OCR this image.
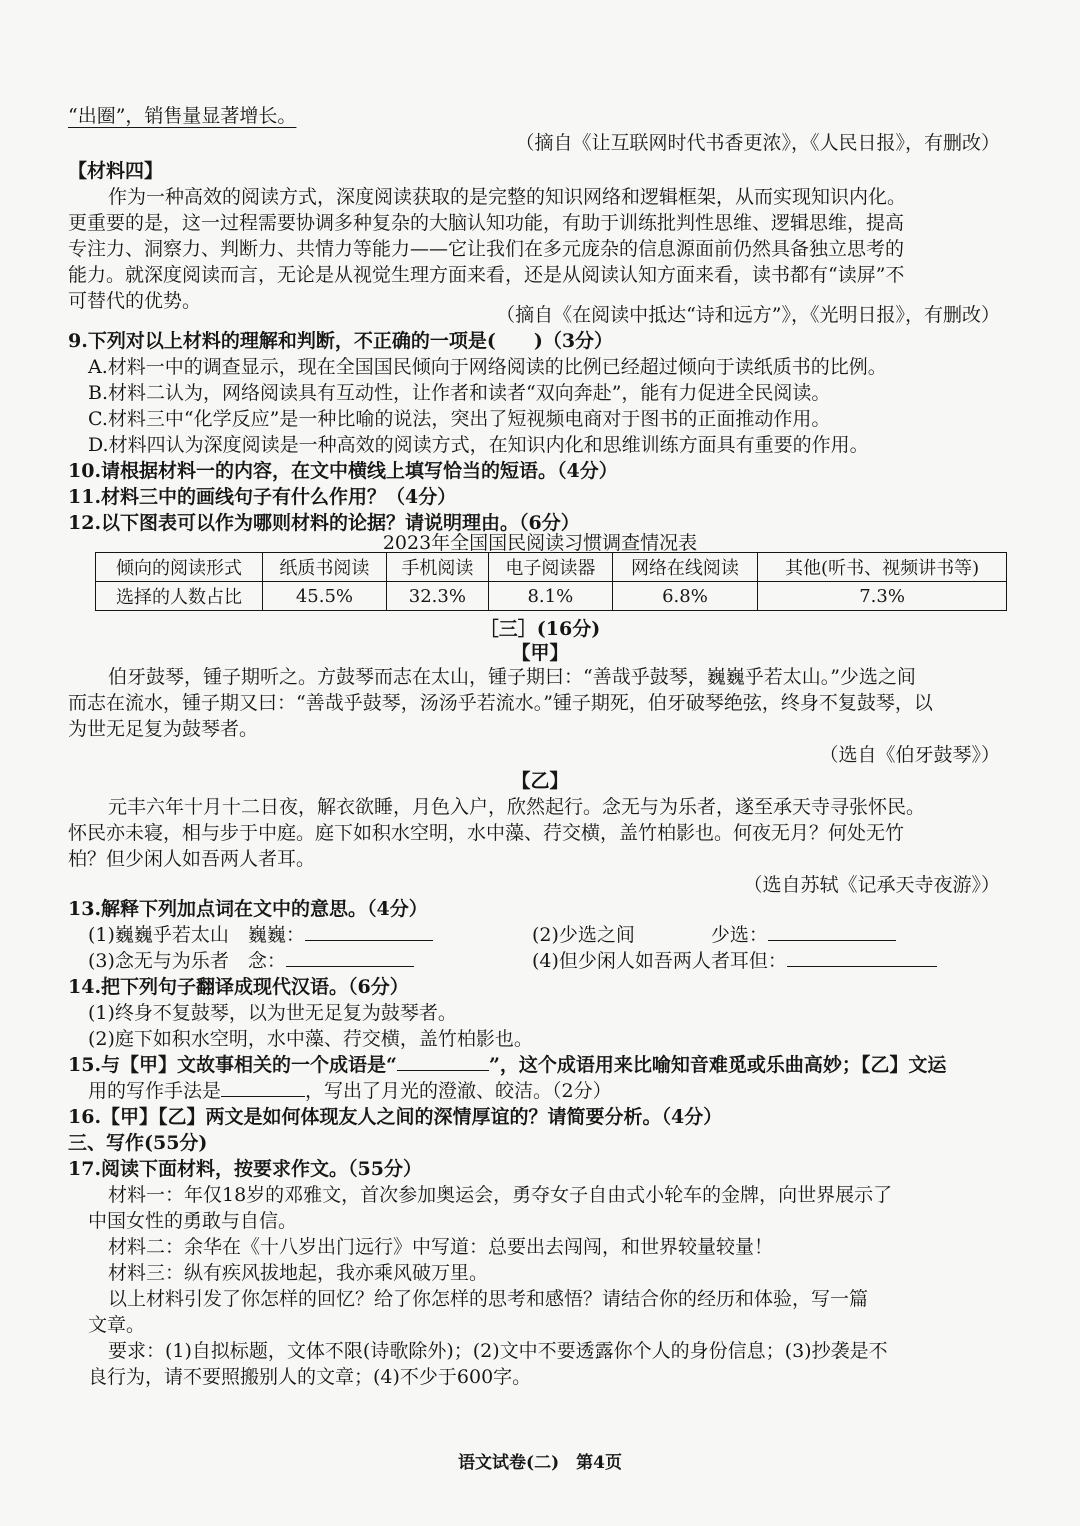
“出圈”，销售量显著增长。

（摘自《让互联网时代书香更浓》，《人民日报》，有删改）

【材料四】

作为一种高效的阅读方式，深度阅读获取的是完整的知识网络和逻辑框架，从而实现知识内化。

更重要的是，这一过程需要协调多种复杂的大脑认知功能，有助于训练批判性思维、逻辑思维，提高

专注力、洞察力、判断力、共情力等能力——它让我们在多元庞杂的信息源面前仍然具备独立思考的

能力。就深度阅读而言，无论是从视觉生理方面来看，还是从阅读认知方面来看，读书都有“读屏”不

可替代的优势。

（摘自《在阅读中抵达“诗和远方”》，《光明日报》，有删改）

9.下列对以上材料的理解和判断，不正确的一项是(　　)（3分）

A.材料一中的调查显示，现在全国国民倾向于网络阅读的比例已经超过倾向于读纸质书的比例。

B.材料二认为，网络阅读具有互动性，让作者和读者“双向奔赴”，能有力促进全民阅读。

C.材料三中“化学反应”是一种比喻的说法，突出了短视频电商对于图书的正面推动作用。

D.材料四认为深度阅读是一种高效的阅读方式，在知识内化和思维训练方面具有重要的作用。

10.请根据材料一的内容，在文中横线上填写恰当的短语。（4分）

11.材料三中的画线句子有什么作用？（4分）

12.以下图表可以作为哪则材料的论据？请说明理由。（6分）

2023年全国国民阅读习惯调查情况表

倾向的阅读形式	纸质书阅读	手机阅读	电子阅读器	网络在线阅读	其他(听书、视频讲书等)
选择的人数占比	45.5%	32.3%	8.1%	6.8%	7.3%

［三］(16分)

【甲】

伯牙鼓琴，锺子期听之。方鼓琴而志在太山，锺子期曰：“善哉乎鼓琴，巍巍乎若太山。”少选之间

而志在流水，锺子期又曰：“善哉乎鼓琴，汤汤乎若流水。”锺子期死，伯牙破琴绝弦，终身不复鼓琴，以

为世无足复为鼓琴者。

（选自《伯牙鼓琴》）

【乙】

元丰六年十月十二日夜，解衣欲睡，月色入户，欣然起行。念无与为乐者，遂至承天寺寻张怀民。

怀民亦未寝，相与步于中庭。庭下如积水空明，水中藻、荇交横，盖竹柏影也。何夜无月？何处无竹

柏？但少闲人如吾两人者耳。

（选自苏轼《记承天寺夜游》）

13.解释下列加点词在文中的意思。（4分）

(1)巍巍乎若太山　巍巍：	(2)少选之间　　　　少选：

(3)念无与为乐者　念：	(4)但少闲人如吾两人者耳但：

14.把下列句子翻译成现代汉语。（6分）

(1)终身不复鼓琴，以为世无足复为鼓琴者。

(2)庭下如积水空明，水中藻、荇交横，盖竹柏影也。

15.与【甲】文故事相关的一个成语是“	”，这个成语用来比喻知音难觅或乐曲高妙；【乙】文运

用的写作手法是	，写出了月光的澄澈、皎洁。（2分）

16.【甲】【乙】两文是如何体现友人之间的深情厚谊的？请简要分析。（4分）

三、写作(55分)

17.阅读下面材料，按要求作文。（55分）

材料一：年仅18岁的邓雅文，首次参加奥运会，勇夺女子自由式小轮车的金牌，向世界展示了

中国女性的勇敢与自信。

材料二：余华在《十八岁出门远行》中写道：总要出去闯闯，和世界较量较量！

材料三：纵有疾风拔地起，我亦乘风破万里。

以上材料引发了你怎样的回忆？给了你怎样的思考和感悟？请结合你的经历和体验，写一篇

文章。

要求：(1)自拟标题，文体不限(诗歌除外)；(2)文中不要透露你个人的身份信息；(3)抄袭是不

良行为，请不要照搬别人的文章；(4)不少于600字。

语文试卷(二)　第4页
